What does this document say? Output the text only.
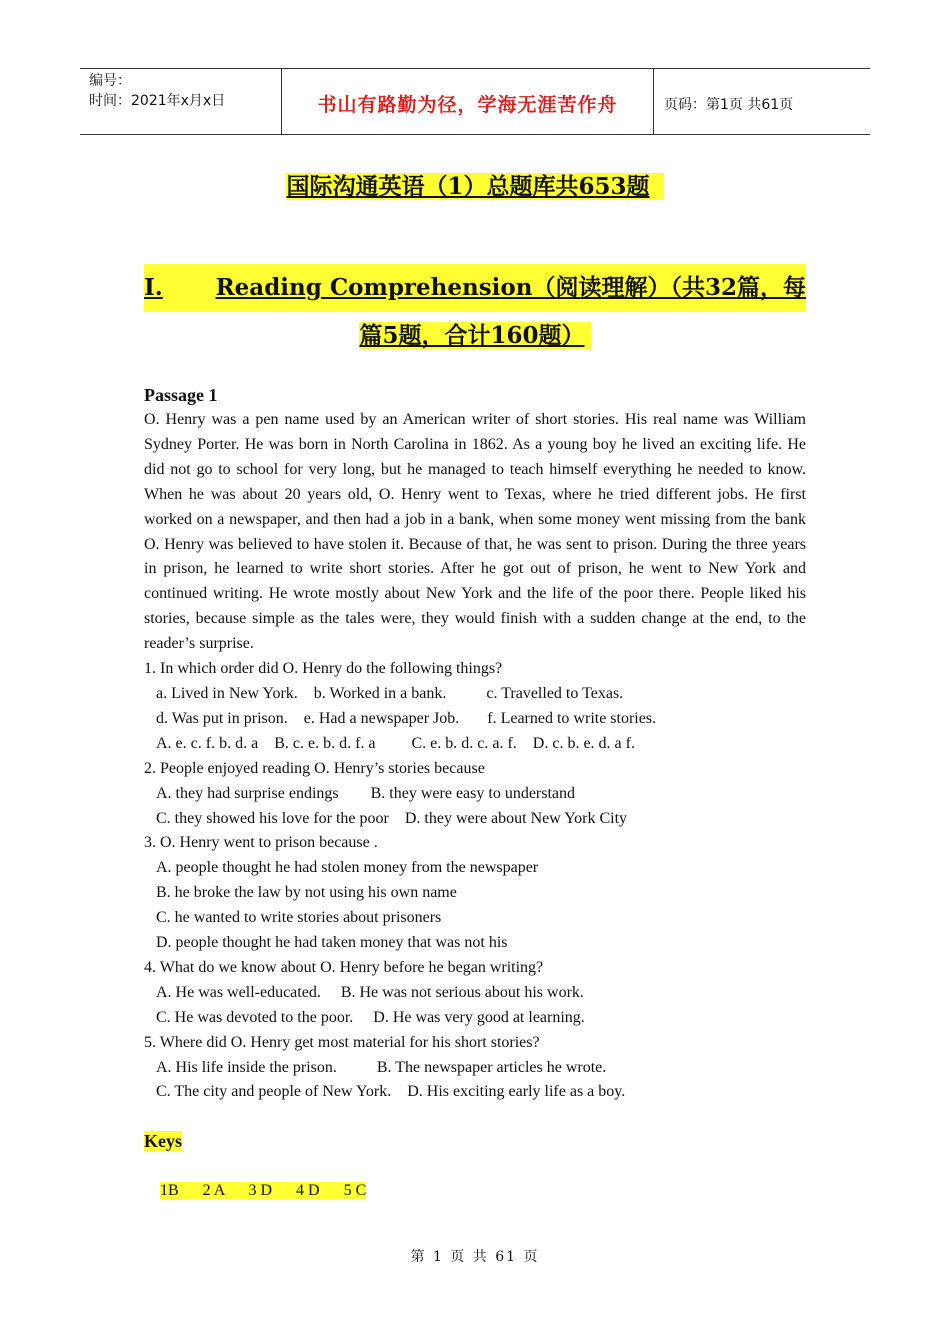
编号：
时间：2021年x月x日	书山有路勤为径，学海无涯苦作舟	页码：第1页 共61页
国际沟通英语（1）总题库共653题
I. Reading Comprehension（阅读理解）（共32篇，每
篇5题，合计160题）
Passage 1

O. Henry was a pen name used by an American writer of short stories. His real name was William Sydney Porter. He was born in North Carolina in 1862. As a young boy he lived an exciting life. He did not go to school for very long, but he managed to teach himself everything he needed to know. When he was about 20 years old, O. Henry went to Texas, where he tried different jobs. He first worked on a newspaper, and then had a job in a bank, when some money went missing from the bank O. Henry was believed to have stolen it. Because of that, he was sent to prison. During the three years in prison, he learned to write short stories. After he got out of prison, he went to New York and continued writing. He wrote mostly about New York and the life of the poor there. People liked his stories, because simple as the tales were, they would finish with a sudden change at the end, to the reader’s surprise.

1. In which order did O. Henry do the following things?

a. Lived in New York.    b. Worked in a bank.          c. Travelled to Texas.

d. Was put in prison.    e. Had a newspaper Job.       f. Learned to write stories.

A. e. c. f. b. d. a    B. c. e. b. d. f. a         C. e. b. d. c. a. f.    D. c. b. e. d. a f.

2. People enjoyed reading O. Henry’s stories because

A. they had surprise endings        B. they were easy to understand

C. they showed his love for the poor    D. they were about New York City

3. O. Henry went to prison because .

A. people thought he had stolen money from the newspaper

B. he broke the law by not using his own name

C. he wanted to write stories about prisoners

D. people thought he had taken money that was not his

4. What do we know about O. Henry before he began writing?

A. He was well-educated.     B. He was not serious about his work.

C. He was devoted to the poor.     D. He was very good at learning.

5. Where did O. Henry get most material for his short stories?

A. His life inside the prison.          B. The newspaper articles he wrote.

C. The city and people of New York.    D. His exciting early life as a boy.

Keys

1B      2 A      3 D      4 D      5 C

第 1 页 共 61 页
